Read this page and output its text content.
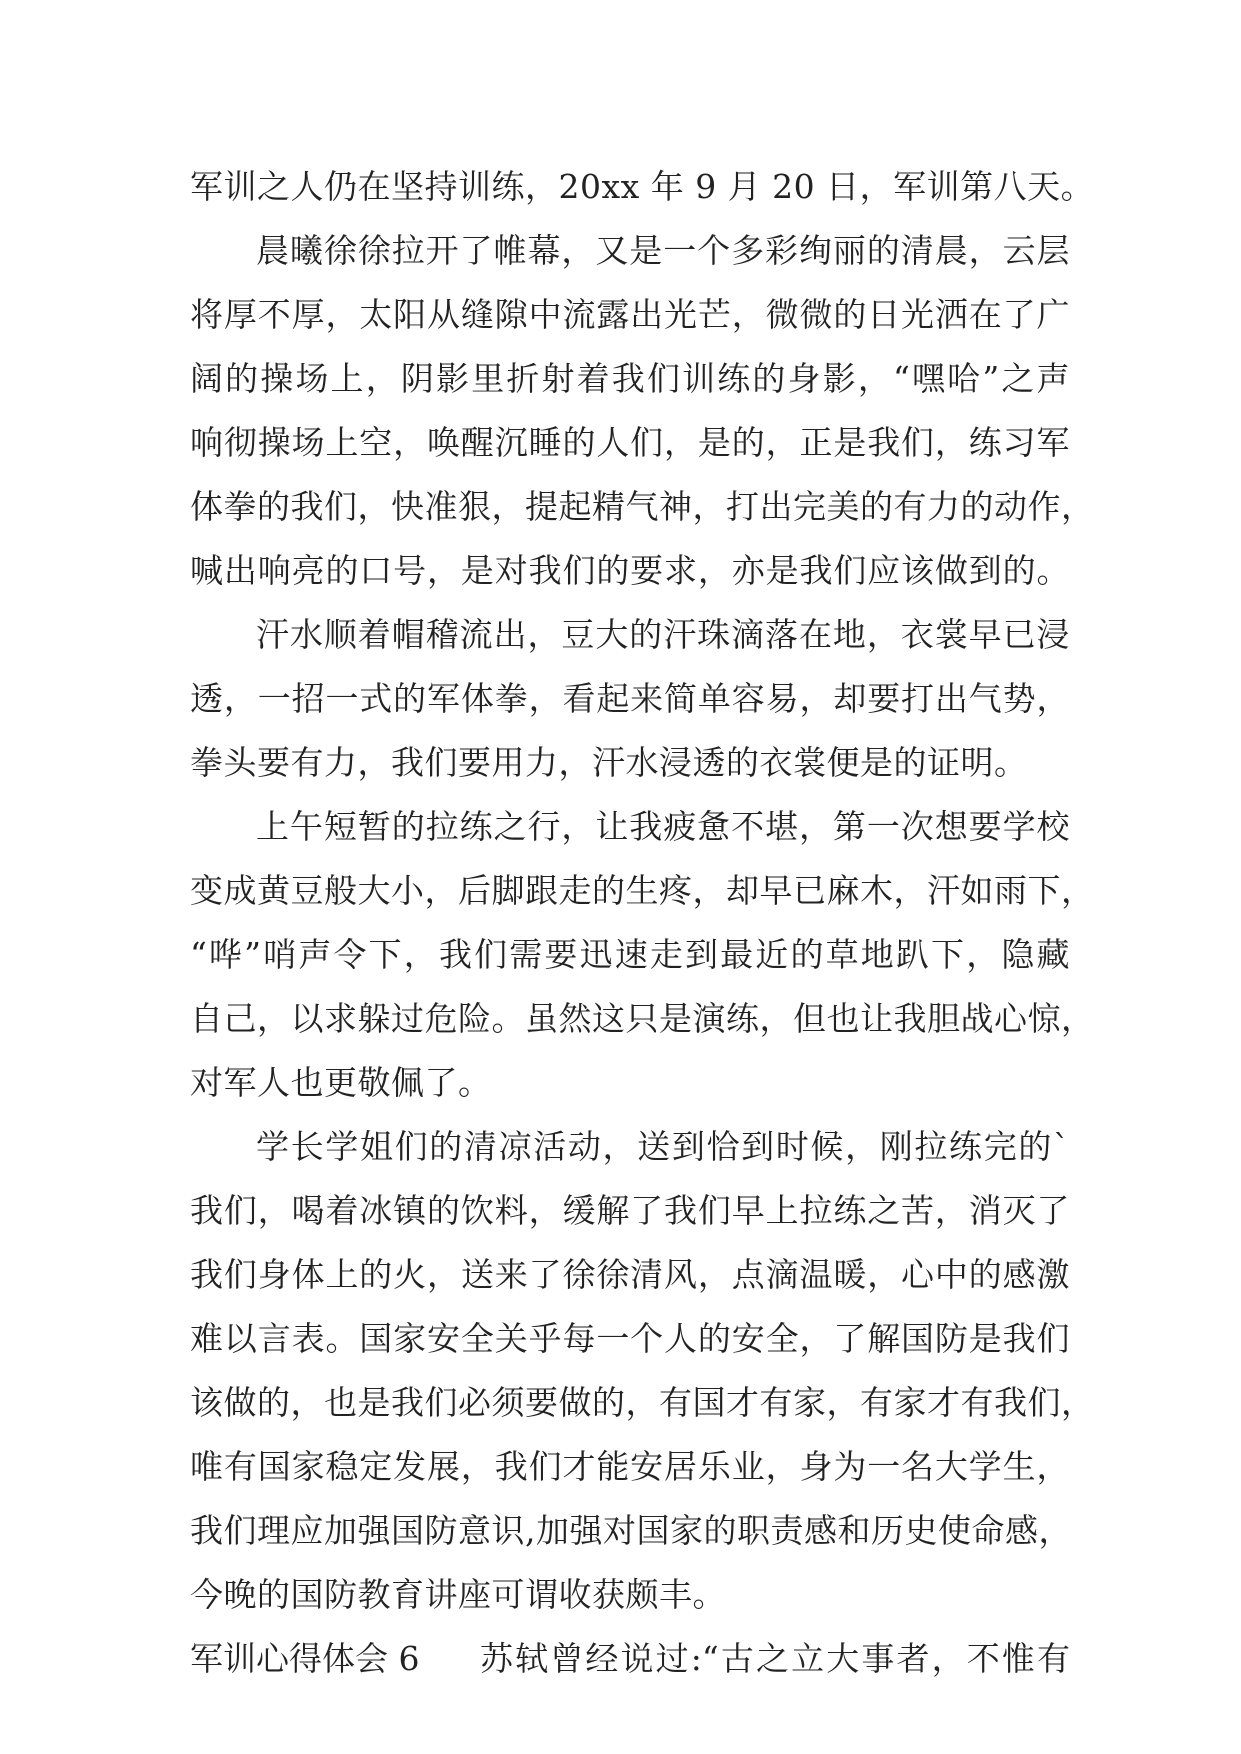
军训之人仍在坚持训练，20xx 年 9 月 20 日，军训第八天。
晨曦徐徐拉开了帷幕，又是一个多彩绚丽的清晨，云层
将厚不厚，太阳从缝隙中流露出光芒，微微的日光洒在了广
阔的操场上，阴影里折射着我们训练的身影，“嘿哈”之声
响彻操场上空，唤醒沉睡的人们，是的，正是我们，练习军
体拳的我们，快准狠，提起精气神，打出完美的有力的动作，
喊出响亮的口号，是对我们的要求，亦是我们应该做到的。
汗水顺着帽稽流出，豆大的汗珠滴落在地，衣裳早已浸
透，一招一式的军体拳，看起来简单容易，却要打出气势，
拳头要有力，我们要用力，汗水浸透的衣裳便是的证明。
上午短暂的拉练之行，让我疲惫不堪，第一次想要学校
变成黄豆般大小，后脚跟走的生疼，却早已麻木，汗如雨下，
“哗”哨声令下，我们需要迅速走到最近的草地趴下，隐藏
自己，以求躲过危险。虽然这只是演练，但也让我胆战心惊，
对军人也更敬佩了。
学长学姐们的清凉活动，送到恰到时候，刚拉练完的`
我们，喝着冰镇的饮料，缓解了我们早上拉练之苦，消灭了
我们身体上的火，送来了徐徐清风，点滴温暖，心中的感激
难以言表。国家安全关乎每一个人的安全，了解国防是我们
该做的，也是我们必须要做的，有国才有家，有家才有我们，
唯有国家稳定发展，我们才能安居乐业，身为一名大学生，
我们理应加强国防意识,加强对国家的职责感和历史使命感，
今晚的国防教育讲座可谓收获颇丰。
军训心得体会 6	苏轼曾经说过:“古之立大事者，不惟有
